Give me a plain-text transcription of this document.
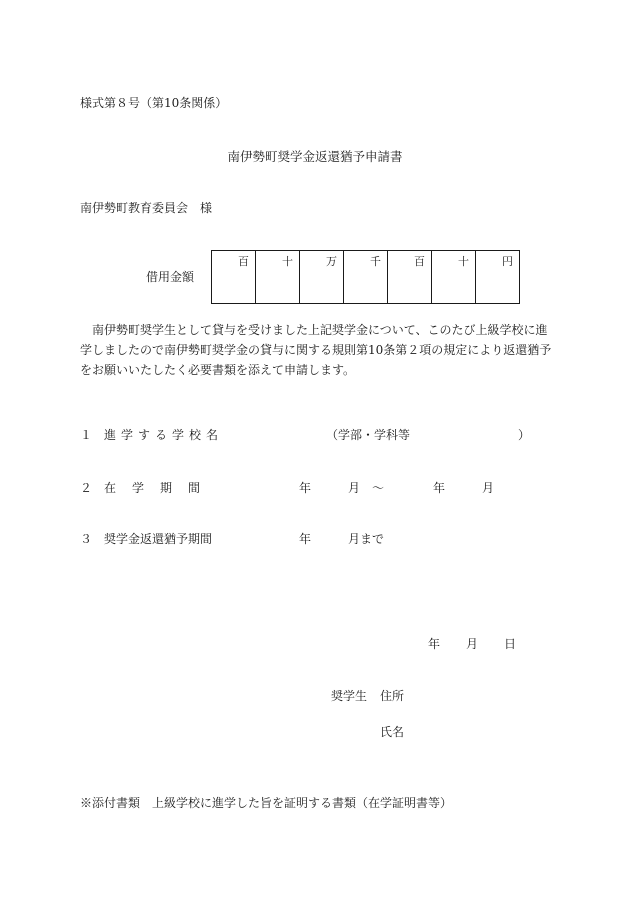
様式第８号（第10条関係）
南伊勢町奨学金返還猶予申請書
南伊勢町教育委員会　様
借用金額
百	十	万	千	百	十	円
南伊勢町奨学生として貸与を受けました上記奨学金について、このたび上級学校に進学しましたので南伊勢町奨学金の貸与に関する規則第10条第２項の規定により返還猶予をお願いいたしたく必要書類を添えて申請します。
１ 進学する学校名	（学部・学科等	）
２ 在学期間	年	月 ～	年	月
３ 奨学金返還猶予期間	年	月まで
年 月 日
奨学生 住所
氏名
※添付書類 上級学校に進学した旨を証明する書類（在学証明書等）
